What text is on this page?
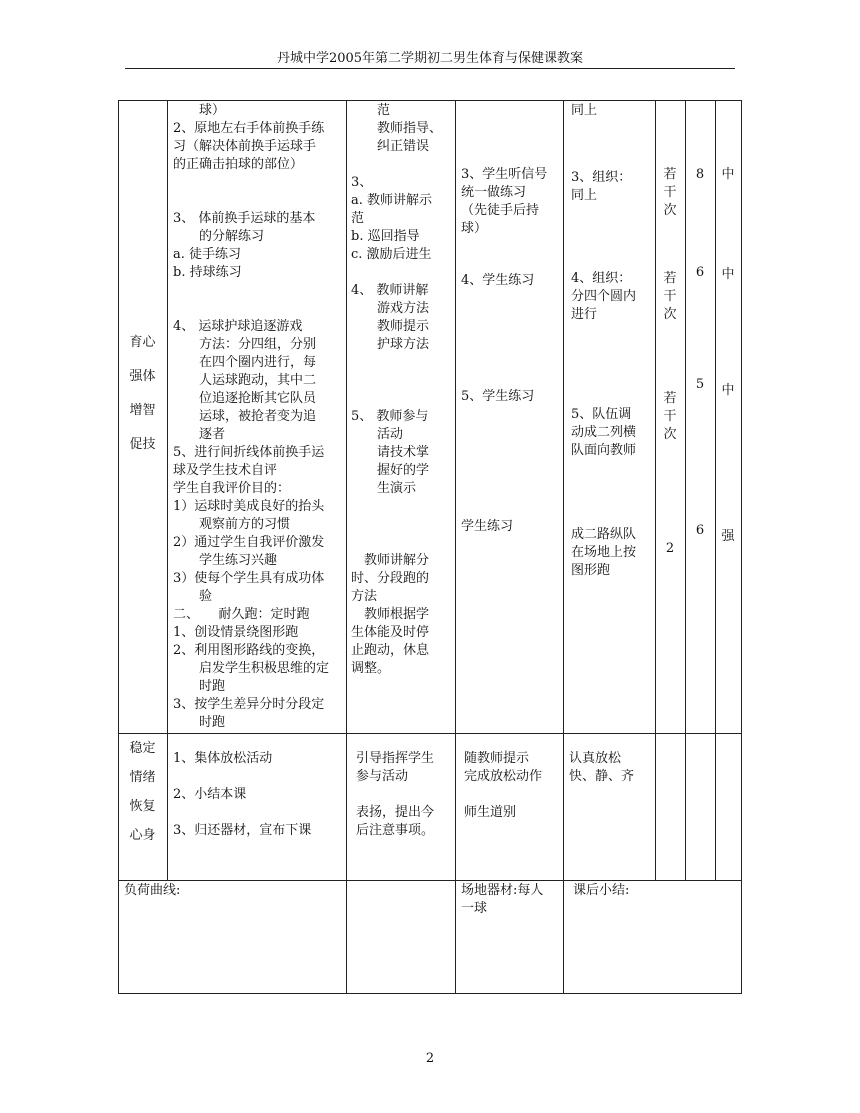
丹城中学2005年第二学期初二男生体育与保健课教案

育心

强体

增智

促技

　　球）

2、原地左右手体前换手练

习（解决体前换手运球手

的正确击拍球的部位）

3、 体前换手运球的基本

　　的分解练习

a. 徒手练习

b. 持球练习

4、 运球护球追逐游戏

　　方法：分四组，分别

　　在四个圈内进行，每

　　人运球跑动，其中二

　　位追逐抢断其它队员

　　运球，被抢者变为追

　　逐者

5、进行间折线体前换手运

球及学生技术自评

学生自我评价目的：

1）运球时美成良好的抬头

　　观察前方的习惯

2）通过学生自我评价激发

　　学生练习兴趣

3）使每个学生具有成功体

　　验

二、　　耐久跑：定时跑

1、创设情景绕图形跑

2、利用图形路线的变换，

　　启发学生积极思维的定

　　时跑

3、按学生差异分时分段定

　　时跑

　　范

　　教师指导、

　　纠正错误

3、

a. 教师讲解示

范

b. 巡回指导

c. 激励后进生

4、 教师讲解

　　游戏方法

　　教师提示

　　护球方法

5、 教师参与

　　活动

　　请技术掌

　　握好的学

　　生演示

　教师讲解分

时、分段跑的

方法

　教师根据学

生体能及时停

止跑动，休息

调整。

3、学生听信号

统一做练习

（先徒手后持

球）

4、学生练习

5、学生练习

学生练习

同上

3、组织：

同上

4、组织：

分四个圆内

进行

5、队伍调

动成二列横

队面向教师

成二路纵队

在场地上按

图形跑

若

干

次

若

干

次

若

干

次

2

8
6
5
6
中
中
中
强

稳定

情绪

恢复

心身

1、集体放松活动

2、小结本课

3、归还器材，宣布下课

引导指挥学生

参与活动

表扬，提出今

后注意事项。

随教师提示

完成放松动作

师生道别

认真放松

快、静、齐

负荷曲线:	场地器材:每人

一球

课后小结:
2
